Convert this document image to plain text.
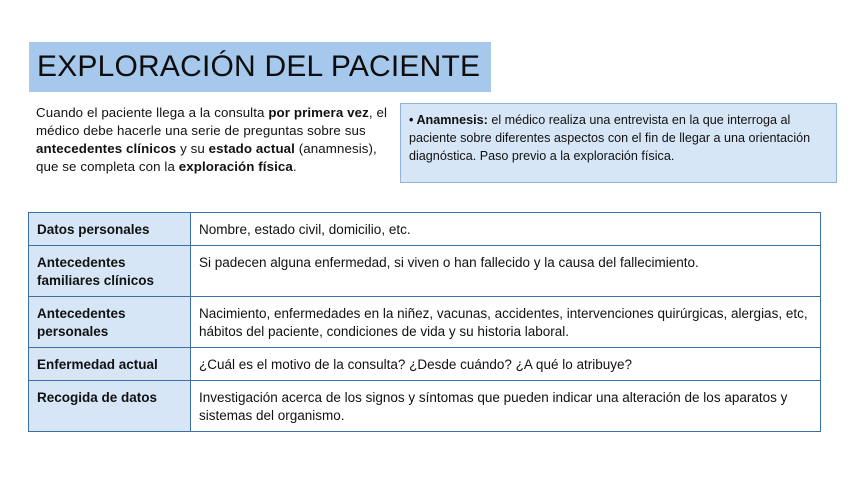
EXPLORACIÓN DEL PACIENTE
Cuando el paciente llega a la consulta por primera vez, el médico debe hacerle una serie de preguntas sobre sus antecedentes clínicos y su estado actual (anamnesis), que se completa con la exploración física.
• Anamnesis: el médico realiza una entrevista en la que interroga al paciente sobre diferentes aspectos con el fin de llegar a una orientación diagnóstica. Paso previo a la exploración física.
Datos personales	Nombre, estado civil, domicilio, etc.
Antecedentes familiares clínicos	Si padecen alguna enfermedad, si viven o han fallecido y la causa del fallecimiento.
Antecedentes personales	Nacimiento, enfermedades en la niñez, vacunas, accidentes, intervenciones quirúrgicas, alergias, etc, hábitos del paciente, condiciones de vida y su historia laboral.
Enfermedad actual	¿Cuál es el motivo de la consulta? ¿Desde cuándo? ¿A qué lo atribuye?
Recogida de datos	Investigación acerca de los signos y síntomas que pueden indicar una alteración de los aparatos y sistemas del organismo.
